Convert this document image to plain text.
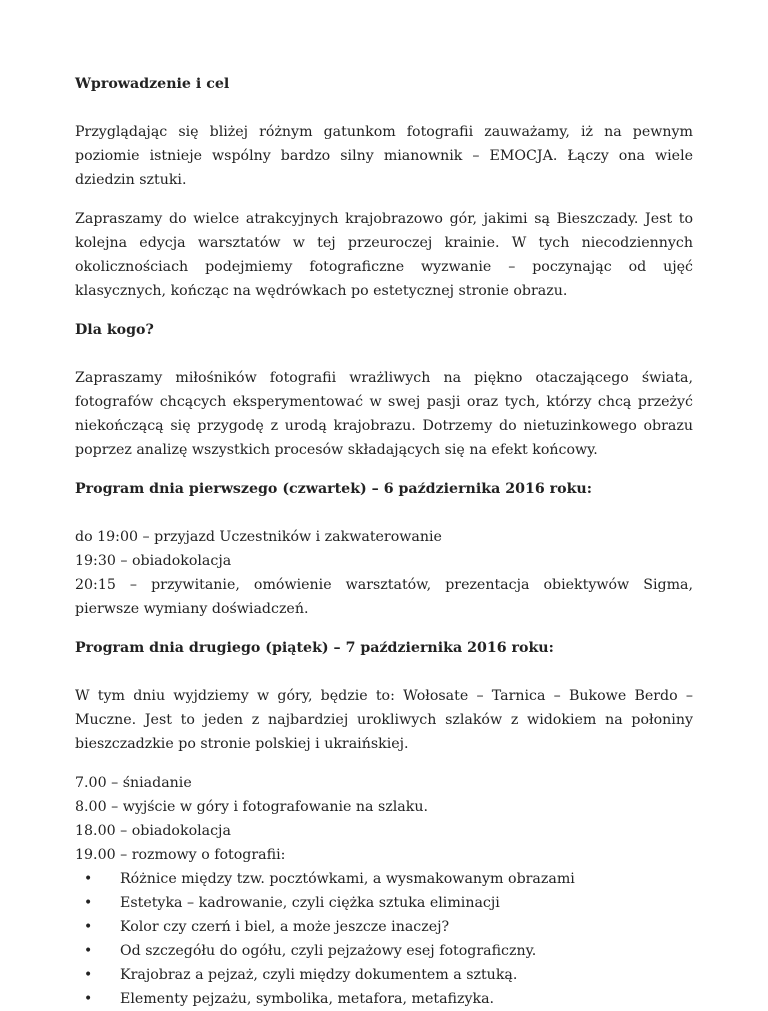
Wprowadzenie i cel

Przyglądając się bliżej różnym gatunkom fotografii zauważamy, iż na pewnym poziomie istnieje wspólny bardzo silny mianownik – EMOCJA. Łączy ona wiele dziedzin sztuki.

Zapraszamy do wielce atrakcyjnych krajobrazowo gór, jakimi są Bieszczady. Jest to kolejna edycja warsztatów w tej przeuroczej krainie. W tych niecodziennych okolicznościach podejmiemy fotograficzne wyzwanie – poczynając od ujęć klasycznych, kończąc na wędrówkach po estetycznej stronie obrazu.

Dla kogo?

Zapraszamy miłośników fotografii wrażliwych na piękno otaczającego świata, fotografów chcących eksperymentować w swej pasji oraz tych, którzy chcą przeżyć niekończącą się przygodę z urodą krajobrazu. Dotrzemy do nietuzinkowego obrazu poprzez analizę wszystkich procesów składających się na efekt końcowy.

Program dnia pierwszego (czwartek) – 6 października 2016 roku:
do 19:00 – przyjazd Uczestników i zakwaterowanie
19:30 – obiadokolacja

20:15 – przywitanie, omówienie warsztatów, prezentacja obiektywów Sigma, pierwsze wymiany doświadczeń.

Program dnia drugiego (piątek) – 7 października 2016 roku:

W tym dniu wyjdziemy w góry, będzie to: Wołosate – Tarnica – Bukowe Berdo – Muczne. Jest to jeden z najbardziej urokliwych szlaków z widokiem na połoniny bieszczadzkie po stronie polskiej i ukraińskiej.

7.00 – śniadanie
8.00 – wyjście w góry i fotografowanie na szlaku.
18.00 – obiadokolacja
19.00 – rozmowy o fotografii:
• Różnice między tzw. pocztówkami, a wysmakowanym obrazami
• Estetyka – kadrowanie, czyli ciężka sztuka eliminacji
• Kolor czy czerń i biel, a może jeszcze inaczej?
• Od szczegółu do ogółu, czyli pejzażowy esej fotograficzny.
• Krajobraz a pejzaż, czyli między dokumentem a sztuką.
• Elementy pejzażu, symbolika, metafora, metafizyka.
